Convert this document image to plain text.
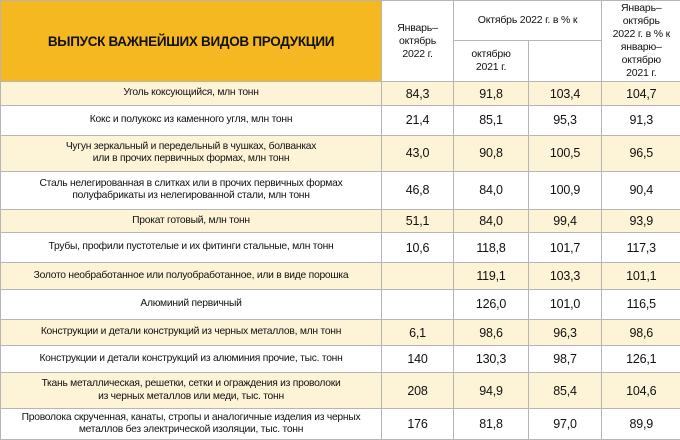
ВЫПУСК ВАЖНЕЙШИХ ВИДОВ ПРОДУКЦИИ	Январь–
октябрь
2022 г.	Октябрь 2022 г. в % к		Январь–октябрь
2022 г. в % к
январю–октябрю
2021 г.
		октябрю
2021 г.		
Уголь коксующийся, млн тонн	84,3	91,8	103,4	104,7
Кокс и полукокс из каменного угля, млн тонн	21,4	85,1	95,3	91,3
Чугун зеркальный и передельный в чушках, болванках
или в прочих первичных формах, млн тонн	43,0	90,8	100,5	96,5
Сталь нелегированная в слитках или в прочих первичных формах
полуфабрикаты из нелегированной стали, млн тонн	46,8	84,0	100,9	90,4
Прокат готовый, млн тонн	51,1	84,0	99,4	93,9
Трубы, профили пустотелые и их фитинги стальные, млн тонн	10,6	118,8	101,7	117,3
Золото необработанное или полуобработанное, или в виде порошка		119,1	103,3	101,1
Алюминий первичный		126,0	101,0	116,5
Конструкции и детали конструкций из черных металлов, млн тонн	6,1	98,6	96,3	98,6
Конструкции и детали конструкций из алюминия прочие, тыс. тонн	140	130,3	98,7	126,1
Ткань металлическая, решетки, сетки и ограждения из проволоки
из черных металлов или меди, тыс. тонн	208	94,9	85,4	104,6
Проволока скрученная, канаты, стропы и аналогичные изделия из черных
металлов без электрической изоляции, тыс. тонн	176	81,8	97,0	89,9
